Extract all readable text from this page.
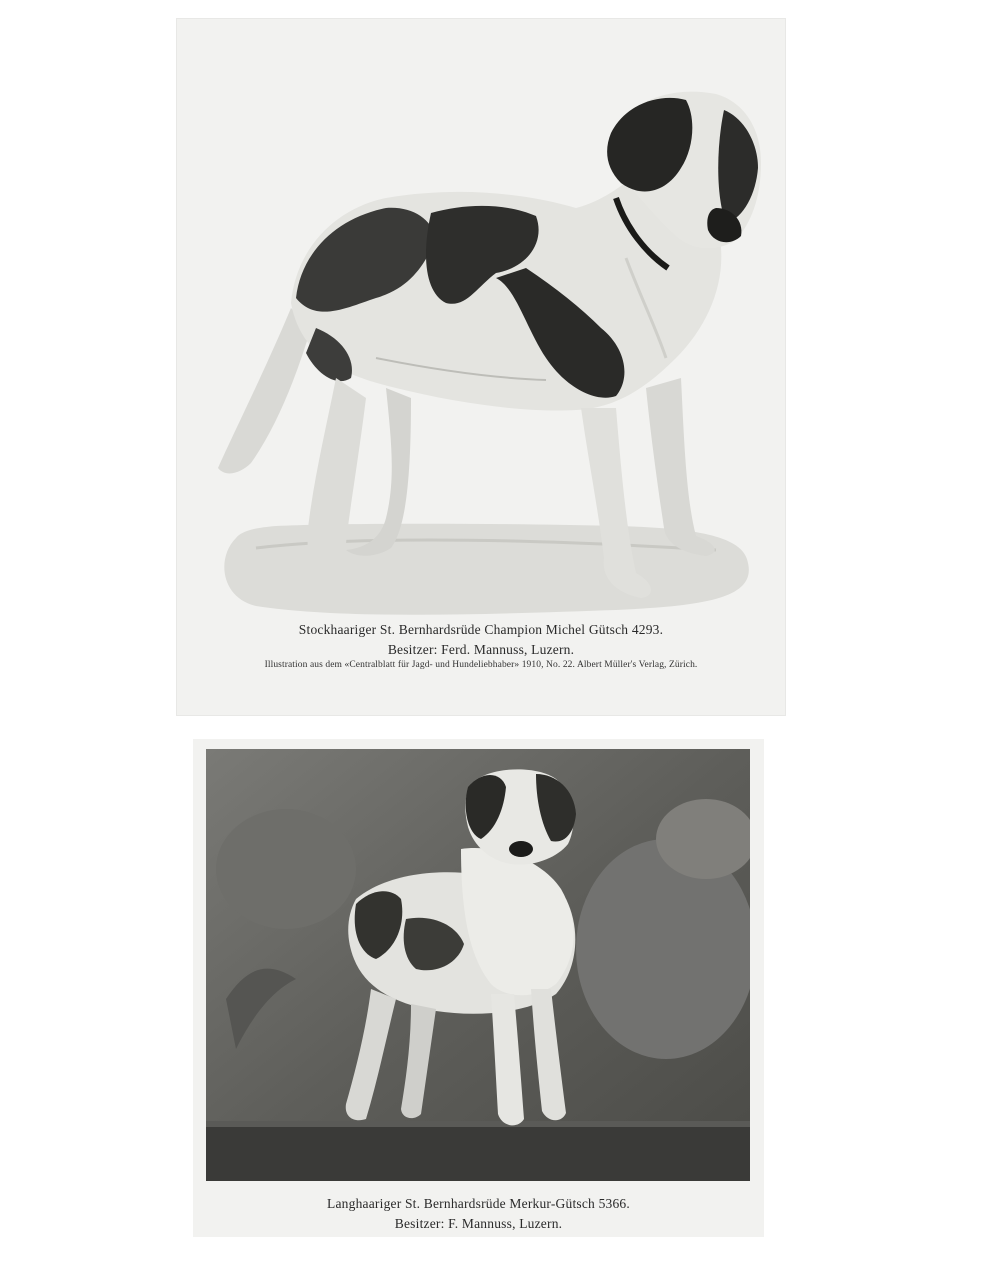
Stockhaariger St. Bernhardsrüde Champion Michel Gütsch 4293.
Besitzer: Ferd. Mannuss, Luzern.
Illustration aus dem «Centralblatt für Jagd- und Hundeliebhaber» 1910, No. 22. Albert Müller's Verlag, Zürich.
Langhaariger St. Bernhardsrüde Merkur-Gütsch 5366.
Besitzer: F. Mannuss, Luzern.
